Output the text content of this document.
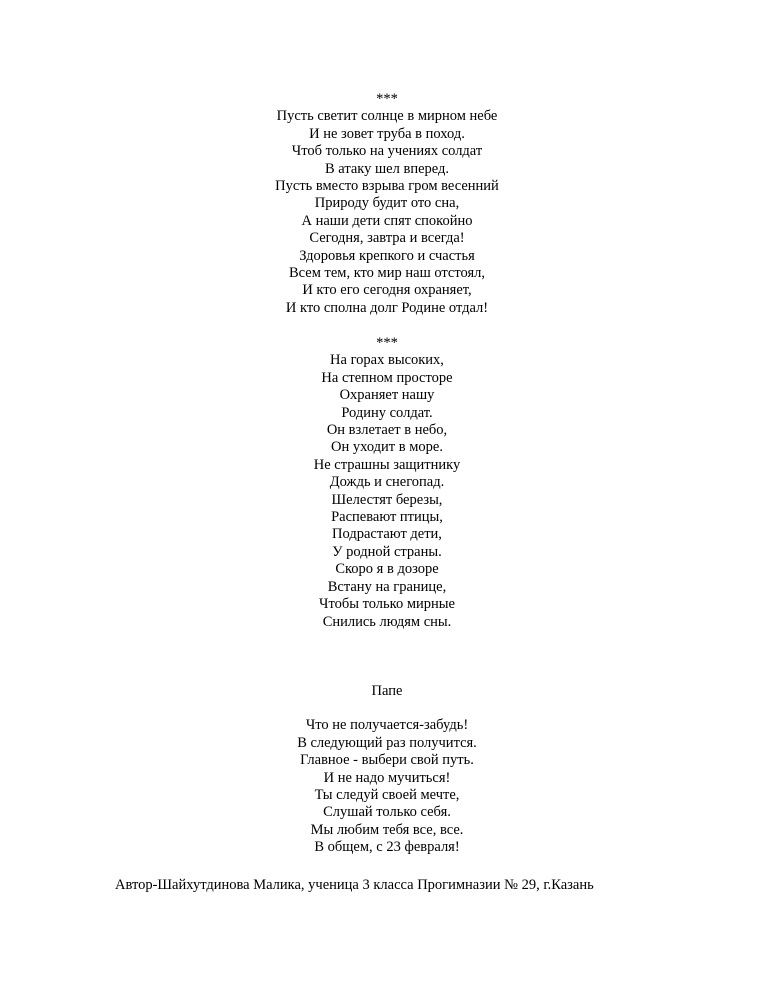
***
Пусть светит солнце в мирном небе
И не зовет труба в поход.
Чтоб только на учениях солдат
В атаку шел вперед.
Пусть вместо взрыва гром весенний
Природу будит ото сна,
А наши дети спят спокойно
Сегодня, завтра и всегда!
Здоровья крепкого и счастья
Всем тем, кто мир наш отстоял,
И кто его сегодня охраняет,
И кто сполна долг Родине отдал!
***
На горах высоких,
На степном просторе
Охраняет нашу
Родину солдат.
Он взлетает в небо,
Он уходит в море.
Не страшны защитнику
Дождь и снегопад.
Шелестят березы,
Распевают птицы,
Подрастают дети,
У родной страны.
Скоро я в дозоре
Встану на границе,
Чтобы только мирные
Снились людям сны.
Папе
Что не получается-забудь!
В следующий раз получится.
Главное - выбери свой путь.
И не надо мучиться!
Ты следуй своей мечте,
Слушай только себя.
Мы любим тебя все, все.
В общем, с 23 февраля!
Автор-Шайхутдинова Малика, ученица 3 класса Прогимназии № 29, г.Казань
